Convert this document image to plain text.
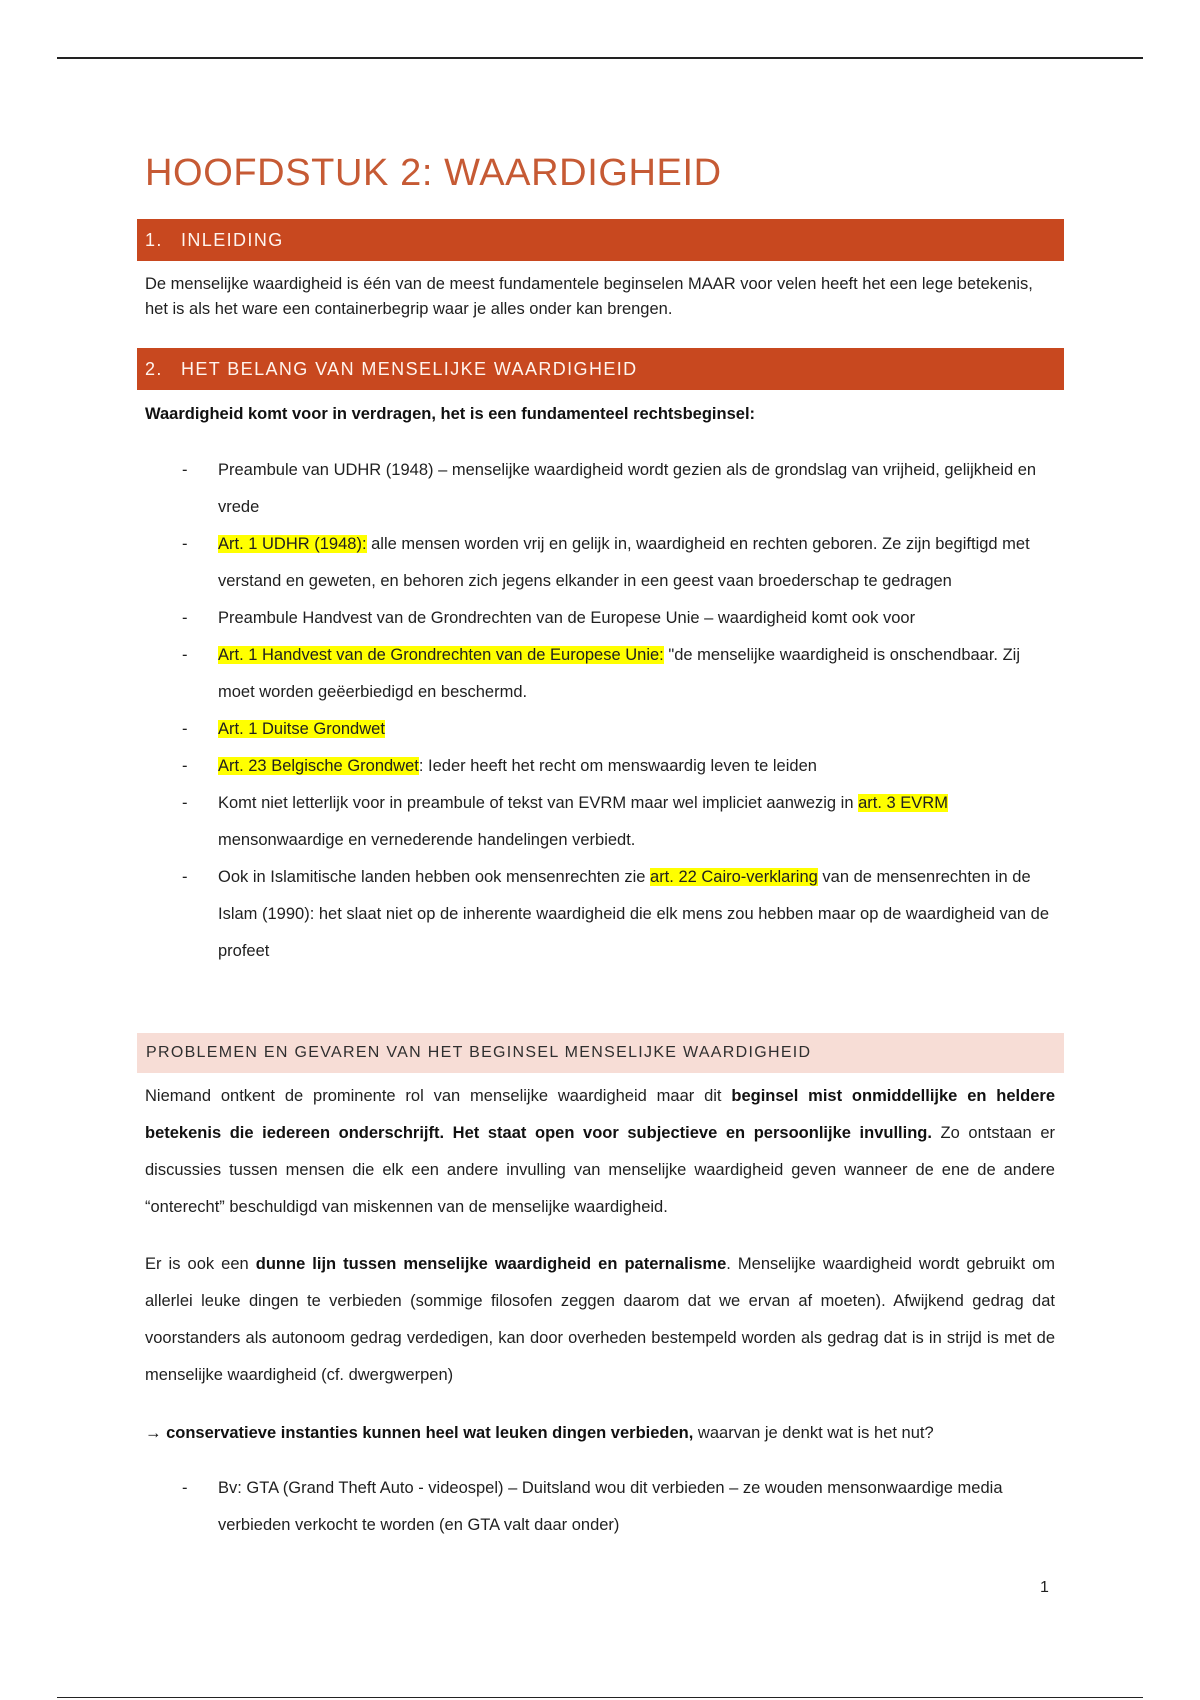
HOOFDSTUK 2: WAARDIGHEID
1.	INLEIDING

De menselijke waardigheid is één van de meest fundamentele beginselen MAAR voor velen heeft het een lege betekenis, het is als het ware een containerbegrip waar je alles onder kan brengen.

2.	HET BELANG VAN MENSELIJKE WAARDIGHEID

Waardigheid komt voor in verdragen, het is een fundamenteel rechtsbeginsel:

- Preambule van UDHR (1948) – menselijke waardigheid wordt gezien als de grondslag van vrijheid, gelijkheid en vrede
- Art. 1 UDHR (1948): alle mensen worden vrij en gelijk in, waardigheid en rechten geboren. Ze zijn begiftigd met verstand en geweten, en behoren zich jegens elkander in een geest vaan broederschap te gedragen
- Preambule Handvest van de Grondrechten van de Europese Unie – waardigheid komt ook voor
- Art. 1 Handvest van de Grondrechten van de Europese Unie: "de menselijke waardigheid is onschendbaar. Zij moet worden geëerbiedigd en beschermd.
- Art. 1 Duitse Grondwet
- Art. 23 Belgische Grondwet: Ieder heeft het recht om menswaardig leven te leiden
- Komt niet letterlijk voor in preambule of tekst van EVRM maar wel impliciet aanwezig in art. 3 EVRM mensonwaardige en vernederende handelingen verbiedt.
- Ook in Islamitische landen hebben ook mensenrechten zie art. 22 Cairo-verklaring van de mensenrechten in de Islam (1990): het slaat niet op de inherente waardigheid die elk mens zou hebben maar op de waardigheid van de profeet
PROBLEMEN EN GEVAREN VAN HET BEGINSEL MENSELIJKE WAARDIGHEID

Niemand ontkent de prominente rol van menselijke waardigheid maar dit beginsel mist onmiddellijke en heldere betekenis die iedereen onderschrijft. Het staat open voor subjectieve en persoonlijke invulling. Zo ontstaan er discussies tussen mensen die elk een andere invulling van menselijke waardigheid geven wanneer de ene de andere “onterecht” beschuldigd van miskennen van de menselijke waardigheid.

Er is ook een dunne lijn tussen menselijke waardigheid en paternalisme. Menselijke waardigheid wordt gebruikt om allerlei leuke dingen te verbieden (sommige filosofen zeggen daarom dat we ervan af moeten). Afwijkend gedrag dat voorstanders als autonoom gedrag verdedigen, kan door overheden bestempeld worden als gedrag dat is in strijd is met de menselijke waardigheid (cf. dwergwerpen)

→ conservatieve instanties kunnen heel wat leuken dingen verbieden, waarvan je denkt wat is het nut?

- Bv: GTA (Grand Theft Auto - videospel) – Duitsland wou dit verbieden – ze wouden mensonwaardige media verbieden verkocht te worden (en GTA valt daar onder)
1
